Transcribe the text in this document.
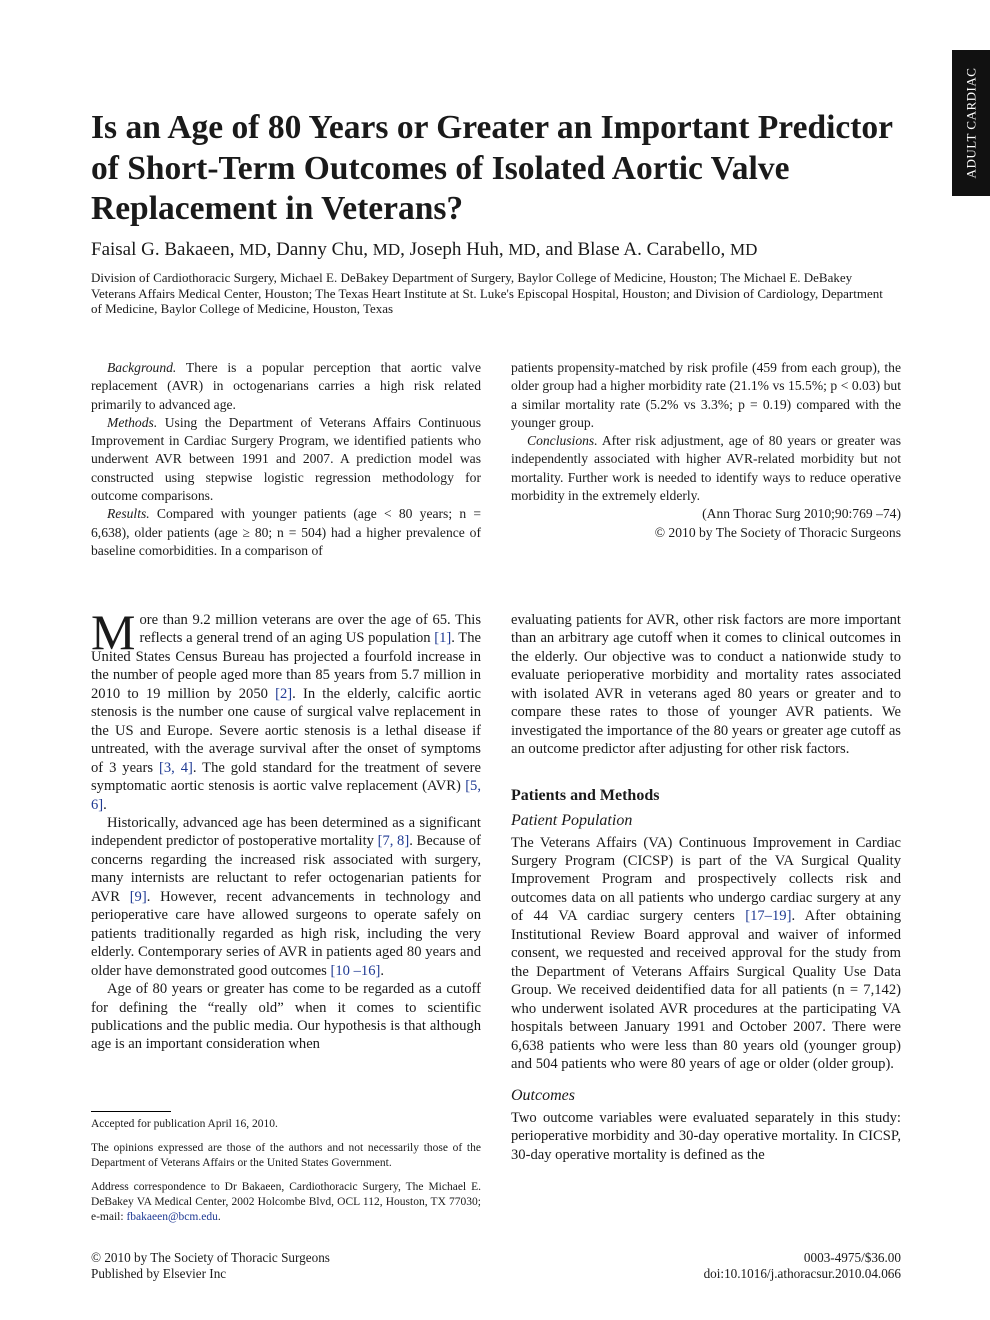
ADULT CARDIAC
Is an Age of 80 Years or Greater an Important Predictor of Short-Term Outcomes of Isolated Aortic Valve Replacement in Veterans?
Faisal G. Bakaeen, MD, Danny Chu, MD, Joseph Huh, MD, and Blase A. Carabello, MD
Division of Cardiothoracic Surgery, Michael E. DeBakey Department of Surgery, Baylor College of Medicine, Houston; The Michael E. DeBakey Veterans Affairs Medical Center, Houston; The Texas Heart Institute at St. Luke's Episcopal Hospital, Houston; and Division of Cardiology, Department of Medicine, Baylor College of Medicine, Houston, Texas

Background. There is a popular perception that aortic valve replacement (AVR) in octogenarians carries a high risk related primarily to advanced age.

Methods. Using the Department of Veterans Affairs Continuous Improvement in Cardiac Surgery Program, we identified patients who underwent AVR between 1991 and 2007. A prediction model was constructed using stepwise logistic regression methodology for outcome comparisons.

Results. Compared with younger patients (age < 80 years; n = 6,638), older patients (age ≥ 80; n = 504) had a higher prevalence of baseline comorbidities. In a comparison of

patients propensity-matched by risk profile (459 from each group), the older group had a higher morbidity rate (21.1% vs 15.5%; p < 0.03) but a similar mortality rate (5.2% vs 3.3%; p = 0.19) compared with the younger group.

Conclusions. After risk adjustment, age of 80 years or greater was independently associated with higher AVR-related morbidity but not mortality. Further work is needed to identify ways to reduce operative morbidity in the extremely elderly.

(Ann Thorac Surg 2010;90:769 –74)

© 2010 by The Society of Thoracic Surgeons

More than 9.2 million veterans are over the age of 65. This reflects a general trend of an aging US population [1]. The United States Census Bureau has projected a fourfold increase in the number of people aged more than 85 years from 5.7 million in 2010 to 19 million by 2050 [2]. In the elderly, calcific aortic stenosis is the number one cause of surgical valve replacement in the US and Europe. Severe aortic stenosis is a lethal disease if untreated, with the average survival after the onset of symptoms of 3 years [3, 4]. The gold standard for the treatment of severe symptomatic aortic stenosis is aortic valve replacement (AVR) [5, 6].

Historically, advanced age has been determined as a significant independent predictor of postoperative mortality [7, 8]. Because of concerns regarding the increased risk associated with surgery, many internists are reluctant to refer octogenarian patients for AVR [9]. However, recent advancements in technology and perioperative care have allowed surgeons to operate safely on patients traditionally regarded as high risk, including the very elderly. Contemporary series of AVR in patients aged 80 years and older have demonstrated good outcomes [10 –16].

Age of 80 years or greater has come to be regarded as a cutoff for defining the “really old” when it comes to scientific publications and the public media. Our hypothesis is that although age is an important consideration when

Accepted for publication April 16, 2010.

The opinions expressed are those of the authors and not necessarily those of the Department of Veterans Affairs or the United States Government.

Address correspondence to Dr Bakaeen, Cardiothoracic Surgery, The Michael E. DeBakey VA Medical Center, 2002 Holcombe Blvd, OCL 112, Houston, TX 77030; e-mail: fbakaeen@bcm.edu.

evaluating patients for AVR, other risk factors are more important than an arbitrary age cutoff when it comes to clinical outcomes in the elderly. Our objective was to conduct a nationwide study to evaluate perioperative morbidity and mortality rates associated with isolated AVR in veterans aged 80 years or greater and to compare these rates to those of younger AVR patients. We investigated the importance of the 80 years or greater age cutoff as an outcome predictor after adjusting for other risk factors.

Patients and Methods
Patient Population

The Veterans Affairs (VA) Continuous Improvement in Cardiac Surgery Program (CICSP) is part of the VA Surgical Quality Improvement Program and prospectively collects risk and outcomes data on all patients who undergo cardiac surgery at any of 44 VA cardiac surgery centers [17–19]. After obtaining Institutional Review Board approval and waiver of informed consent, we requested and received approval for the study from the Department of Veterans Affairs Surgical Quality Use Data Group. We received deidentified data for all patients (n = 7,142) who underwent isolated AVR procedures at the participating VA hospitals between January 1991 and October 2007. There were 6,638 patients who were less than 80 years old (younger group) and 504 patients who were 80 years of age or older (older group).

Outcomes

Two outcome variables were evaluated separately in this study: perioperative morbidity and 30-day operative mortality. In CICSP, 30-day operative mortality is defined as the

© 2010 by The Society of Thoracic Surgeons
Published by Elsevier Inc
0003-4975/$36.00
doi:10.1016/j.athoracsur.2010.04.066
